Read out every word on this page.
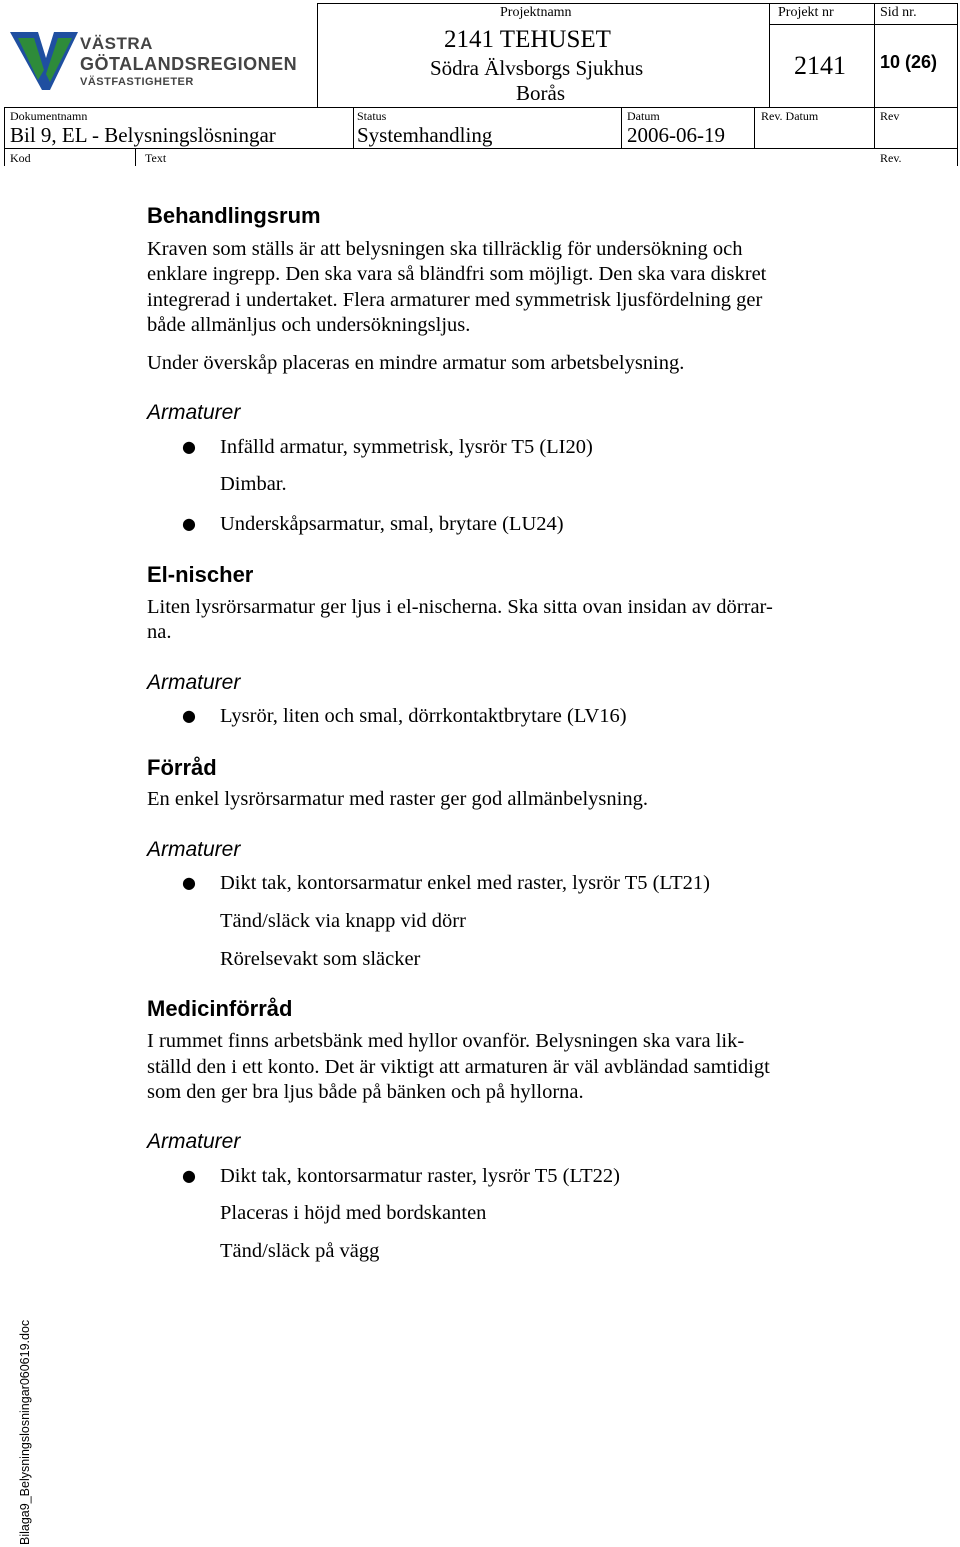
VÄSTRA
GÖTALANDSREGIONEN
VÄSTFASTIGHETER
Projektnamn
2141 TEHUSET
Södra Älvsborgs Sjukhus
Borås
Projekt nr
2141
Sid nr.
10 (26)
Dokumentnamn
Bil 9, EL - Belysningslösningar
Status
Systemhandling
Datum
2006-06-19
Rev. Datum	Rev
Kod	Text	Rev.
Behandlingsrum
Kraven som ställs är att belysningen ska tillräcklig för undersökning och
enklare ingrepp. Den ska vara så bländfri som möjligt. Den ska vara diskret
integrerad i undertaket. Flera armaturer med symmetrisk ljusfördelning ger
både allmänljus och undersökningsljus.
Under överskåp placeras en mindre armatur som arbetsbelysning.
Armaturer
● Infälld armatur, symmetrisk, lysrör T5 (LI20)
Dimbar.
● Underskåpsarmatur, smal, brytare (LU24)
El-nischer
Liten lysrörsarmatur ger ljus i el-nischerna. Ska sitta ovan insidan av dörrar-
na.
Armaturer
● Lysrör, liten och smal, dörrkontaktbrytare (LV16)
Förråd
En enkel lysrörsarmatur med raster ger god allmänbelysning.
Armaturer
● Dikt tak, kontorsarmatur enkel med raster, lysrör T5 (LT21)
Tänd/släck via knapp vid dörr
Rörelsevakt som släcker
Medicinförråd
I rummet finns arbetsbänk med hyllor ovanför. Belysningen ska vara lik-
ställd den i ett konto. Det är viktigt att armaturen är väl avbländad samtidigt
som den ger bra ljus både på bänken och på hyllorna.
Armaturer
● Dikt tak, kontorsarmatur raster, lysrör T5 (LT22)
Placeras i höjd med bordskanten
Tänd/släck på vägg
Bilaga9_Belysningslosningar060619.doc
